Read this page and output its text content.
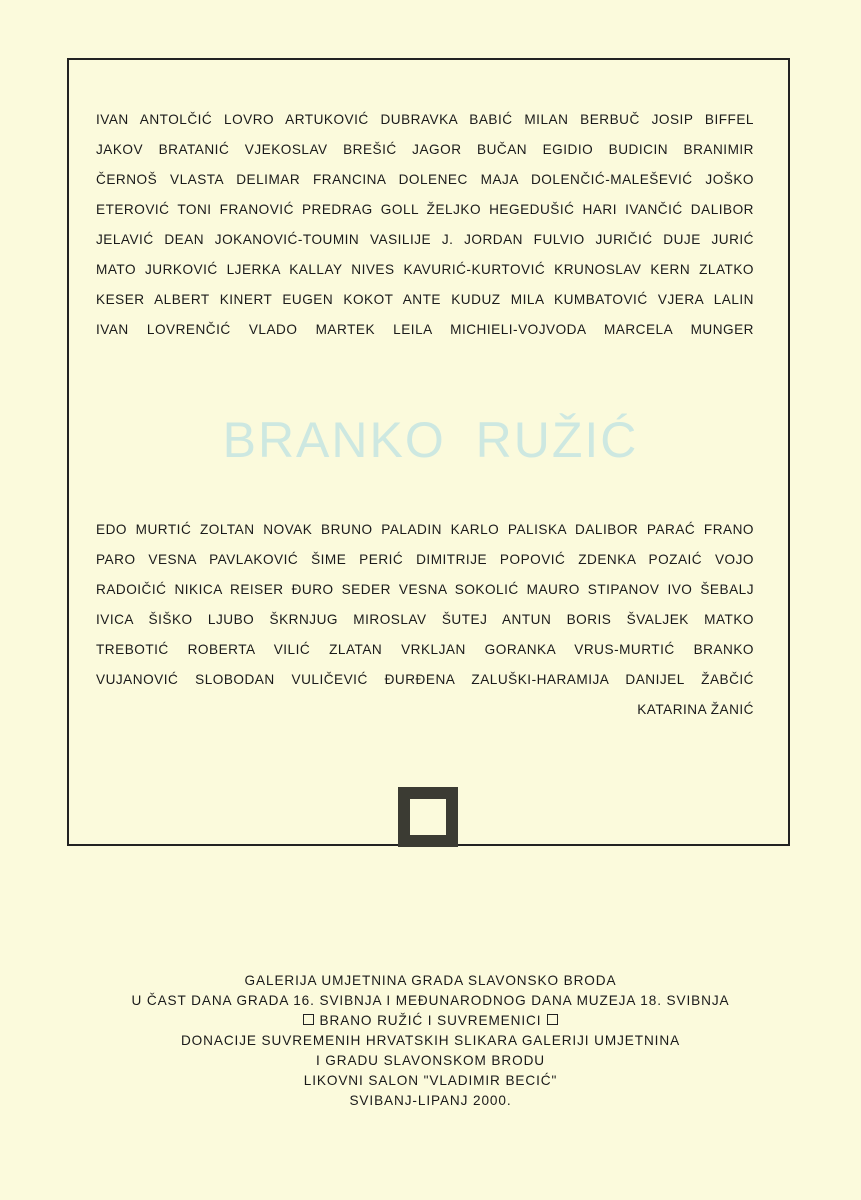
IVAN ANTOLČIĆ LOVRO ARTUKOVIĆ DUBRAVKA BABIĆ MILAN BERBUČ JOSIP BIFFEL
JAKOV BRATANIĆ VJEKOSLAV BREŠIĆ JAGOR BUČAN EGIDIO BUDICIN BRANIMIR
ČERNOŠ VLASTA DELIMAR FRANCINA DOLENEC MAJA DOLENČIĆ-MALEŠEVIĆ JOŠKO
ETEROVIĆ TONI FRANOVIĆ PREDRAG GOLL ŽELJKO HEGEDUŠIĆ HARI IVANČIĆ DALIBOR
JELAVIĆ DEAN JOKANOVIĆ-TOUMIN VASILIJE J. JORDAN FULVIO JURIČIĆ DUJE JURIĆ
MATO JURKOVIĆ LJERKA KALLAY NIVES KAVURIĆ-KURTOVIĆ KRUNOSLAV KERN ZLATKO
KESER ALBERT KINERT EUGEN KOKOT ANTE KUDUZ MILA KUMBATOVIĆ VJERA LALIN
IVAN LOVRENČIĆ VLADO MARTEK LEILA MICHIELI-VOJVODA MARCELA MUNGER
BRANKO RUŽIĆ
EDO MURTIĆ ZOLTAN NOVAK BRUNO PALADIN KARLO PALISKA DALIBOR PARAĆ FRANO
PARO VESNA PAVLAKOVIĆ ŠIME PERIĆ DIMITRIJE POPOVIĆ ZDENKA POZAIĆ VOJO
RADOIČIĆ NIKICA REISER ĐURO SEDER VESNA SOKOLIĆ MAURO STIPANOV IVO ŠEBALJ
IVICA ŠIŠKO LJUBO ŠKRNJUG MIROSLAV ŠUTEJ ANTUN BORIS ŠVALJEK MATKO
TREBOTIĆ ROBERTA VILIĆ ZLATAN VRKLJAN GORANKA VRUS-MURTIĆ BRANKO
VUJANOVIĆ SLOBODAN VULIČEVIĆ ĐURĐENA ZALUŠKI-HARAMIJA DANIJEL ŽABČIĆ
KATARINA ŽANIĆ
GALERIJA UMJETNINA GRADA SLAVONSKO BRODA
U ČAST DANA GRADA 16. SVIBNJA I MEĐUNARODNOG DANA MUZEJA 18. SVIBNJA
BRANO RUŽIĆ I SUVREMENICI
DONACIJE SUVREMENIH HRVATSKIH SLIKARA GALERIJI UMJETNINA
I GRADU SLAVONSKOM BRODU
LIKOVNI SALON "VLADIMIR BECIĆ"
SVIBANJ-LIPANJ 2000.
